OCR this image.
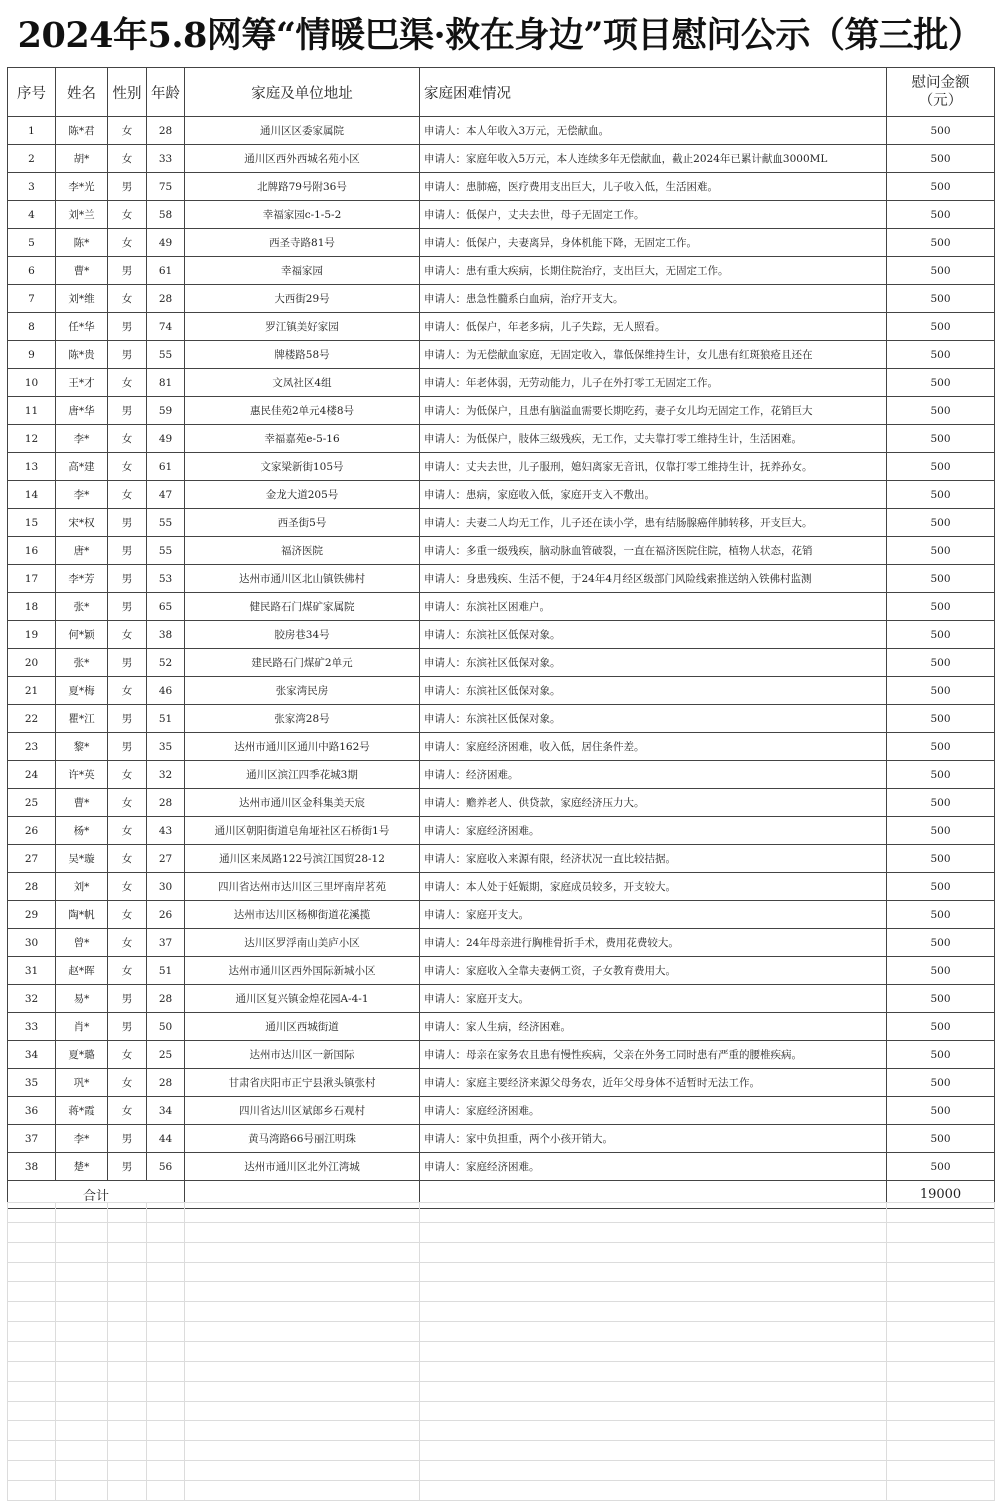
2024年5.8网筹“情暖巴渠·救在身边”项目慰问公示（第三批）
序号	姓名	性别	年龄	家庭及单位地址	家庭困难情况	慰问金额
（元）

1	陈*君	女	28	通川区区委家属院	申请人：本人年收入3万元，无偿献血。	500
2	胡*	女	33	通川区西外西城名苑小区	申请人：家庭年收入5万元，本人连续多年无偿献血，截止2024年已累计献血3000ML	500
3	李*光	男	75	北牌路79号附36号	申请人：患肺癌，医疗费用支出巨大，儿子收入低，生活困难。	500
4	刘*兰	女	58	幸福家园c-1-5-2	申请人：低保户，丈夫去世，母子无固定工作。	500
5	陈*	女	49	西圣寺路81号	申请人：低保户，夫妻离异，身体机能下降，无固定工作。	500
6	曹*	男	61	幸福家园	申请人：患有重大疾病，长期住院治疗，支出巨大，无固定工作。	500
7	刘*维	女	28	大西街29号	申请人：患急性髓系白血病，治疗开支大。	500
8	任*华	男	74	罗江镇美好家园	申请人：低保户，年老多病，儿子失踪，无人照看。	500
9	陈*贵	男	55	牌楼路58号	申请人：为无偿献血家庭，无固定收入，靠低保维持生计，女儿患有红斑狼疮且还在	500
10	王*才	女	81	文凤社区4组	申请人：年老体弱，无劳动能力，儿子在外打零工无固定工作。	500
11	唐*华	男	59	惠民佳苑2单元4楼8号	申请人：为低保户，且患有脑溢血需要长期吃药，妻子女儿均无固定工作，花销巨大	500
12	李*	女	49	幸福嘉苑e-5-16	申请人：为低保户，肢体三级残疾，无工作，丈夫靠打零工维持生计，生活困难。	500
13	高*建	女	61	文家梁新街105号	申请人：丈夫去世，儿子服刑，媳妇离家无音讯，仅靠打零工维持生计，抚养孙女。	500
14	李*	女	47	金龙大道205号	申请人：患病，家庭收入低，家庭开支入不敷出。	500
15	宋*权	男	55	西圣街5号	申请人：夫妻二人均无工作，儿子还在读小学，患有结肠腺癌伴肺转移，开支巨大。	500
16	唐*	男	55	福济医院	申请人：多重一级残疾，脑动脉血管破裂，一直在福济医院住院，植物人状态，花销	500
17	李*芳	男	53	达州市通川区北山镇铁佛村	申请人：身患残疾、生活不便，于24年4月经区级部门风险线索推送纳入铁佛村监测	500
18	张*	男	65	健民路石门煤矿家属院	申请人：东滨社区困难户。	500
19	何*颖	女	38	胶房巷34号	申请人：东滨社区低保对象。	500
20	张*	男	52	建民路石门煤矿2单元	申请人：东滨社区低保对象。	500
21	夏*梅	女	46	张家湾民房	申请人：东滨社区低保对象。	500
22	瞿*江	男	51	张家湾28号	申请人：东滨社区低保对象。	500
23	黎*	男	35	达州市通川区通川中路162号	申请人：家庭经济困难，收入低，居住条件差。	500
24	许*英	女	32	通川区滨江四季花城3期	申请人：经济困难。	500
25	曹*	女	28	达州市通川区金科集美天宸	申请人：赡养老人、供贷款，家庭经济压力大。	500
26	杨*	女	43	通川区朝阳街道皂角垭社区石桥街1号	申请人：家庭经济困难。	500
27	吴*璇	女	27	通川区来凤路122号滨江国贸28-12	申请人：家庭收入来源有限，经济状况一直比较拮据。	500
28	刘*	女	30	四川省达州市达川区三里坪南岸茗苑	申请人：本人处于妊娠期，家庭成员较多，开支较大。	500
29	陶*帆	女	26	达州市达川区杨柳街道花溪揽	申请人：家庭开支大。	500
30	曾*	女	37	达川区罗浮南山美庐小区	申请人：24年母亲进行胸椎骨折手术，费用花费较大。	500
31	赵*晖	女	51	达州市通川区西外国际新城小区	申请人：家庭收入全靠夫妻俩工资，子女教育费用大。	500
32	易*	男	28	通川区复兴镇金煌花园A-4-1	申请人：家庭开支大。	500
33	肖*	男	50	通川区西城街道	申请人：家人生病，经济困难。	500
34	夏*璐	女	25	达州市达川区一新国际	申请人：母亲在家务农且患有慢性疾病，父亲在外务工同时患有严重的腰椎疾病。	500
35	巩*	女	28	甘肃省庆阳市正宁县湫头镇张村	申请人：家庭主要经济来源父母务农，近年父母身体不适暂时无法工作。	500
36	蒋*霞	女	34	四川省达川区斌郎乡石观村	申请人：家庭经济困难。	500
37	李*	男	44	黄马湾路66号丽江明珠	申请人：家中负担重，两个小孩开销大。	500
38	楚*	男	56	达州市通川区北外江湾城	申请人：家庭经济困难。	500
合计						19000
